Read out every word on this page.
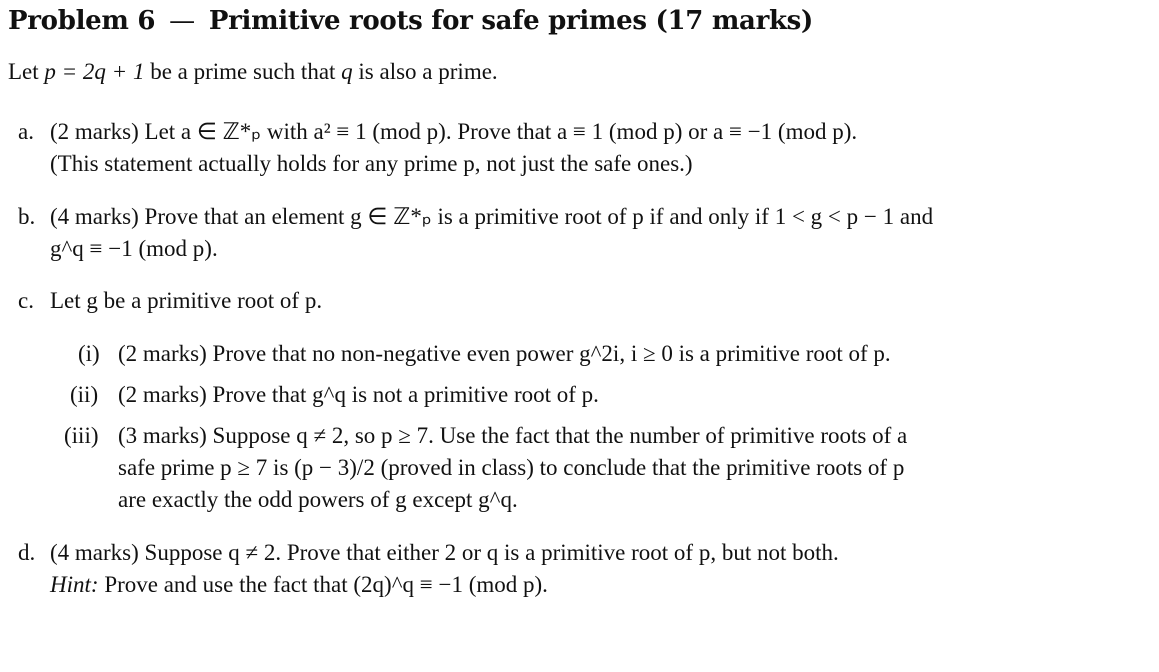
Problem 6 — Primitive roots for safe primes (17 marks)
Let p = 2q + 1 be a prime such that q is also a prime.
a. (2 marks) Let a ∈ ℤ*ₚ with a² ≡ 1 (mod p). Prove that a ≡ 1 (mod p) or a ≡ −1 (mod p).
(This statement actually holds for any prime p, not just the safe ones.)
b. (4 marks) Prove that an element g ∈ ℤ*ₚ is a primitive root of p if and only if 1 < g < p − 1 and
g^q ≡ −1 (mod p).
c. Let g be a primitive root of p.
(i) (2 marks) Prove that no non-negative even power g^2i, i ≥ 0 is a primitive root of p.
(ii) (2 marks) Prove that g^q is not a primitive root of p.
(iii) (3 marks) Suppose q ≠ 2, so p ≥ 7. Use the fact that the number of primitive roots of a
safe prime p ≥ 7 is (p − 3)/2 (proved in class) to conclude that the primitive roots of p
are exactly the odd powers of g except g^q.
d. (4 marks) Suppose q ≠ 2. Prove that either 2 or q is a primitive root of p, but not both.
Hint: Prove and use the fact that (2q)^q ≡ −1 (mod p).
